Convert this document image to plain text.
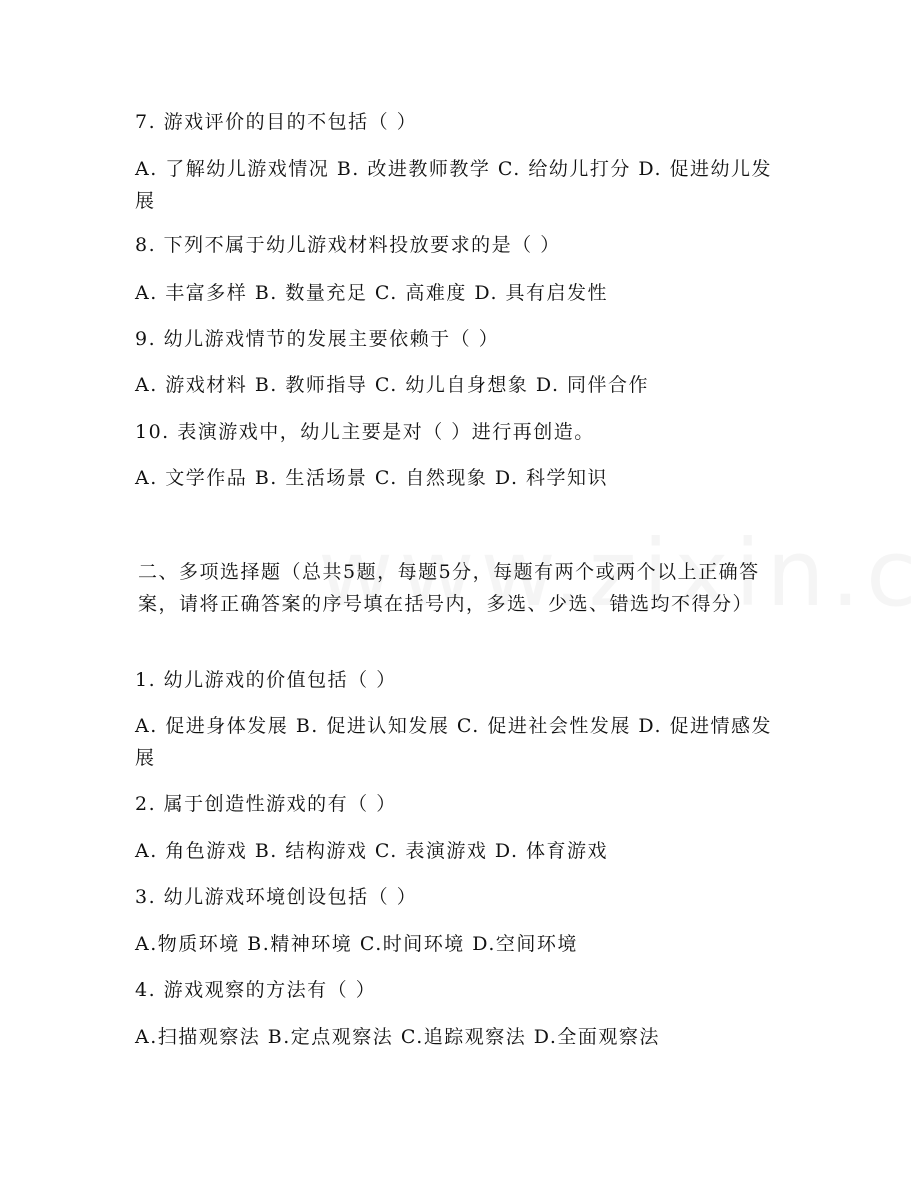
7. 游戏评价的目的不包括（ ）
A. 了解幼儿游戏情况 B. 改进教师教学 C. 给幼儿打分 D. 促进幼儿发展
8. 下列不属于幼儿游戏材料投放要求的是（ ）
A. 丰富多样 B. 数量充足 C. 高难度 D. 具有启发性
9. 幼儿游戏情节的发展主要依赖于（ ）
A. 游戏材料 B. 教师指导 C. 幼儿自身想象 D. 同伴合作
10. 表演游戏中，幼儿主要是对（ ）进行再创造。
A. 文学作品 B. 生活场景 C. 自然现象 D. 科学知识
二、多项选择题（总共5题，每题5分，每题有两个或两个以上正确答案，请将正确答案的序号填在括号内，多选、少选、错选均不得分）
1. 幼儿游戏的价值包括（ ）
A. 促进身体发展 B. 促进认知发展 C. 促进社会性发展 D. 促进情感发展
2. 属于创造性游戏的有（ ）
A. 角色游戏 B. 结构游戏 C. 表演游戏 D. 体育游戏
3. 幼儿游戏环境创设包括（ ）
A.物质环境 B.精神环境 C.时间环境 D.空间环境
4. 游戏观察的方法有（ ）
A.扫描观察法 B.定点观察法 C.追踪观察法 D.全面观察法
